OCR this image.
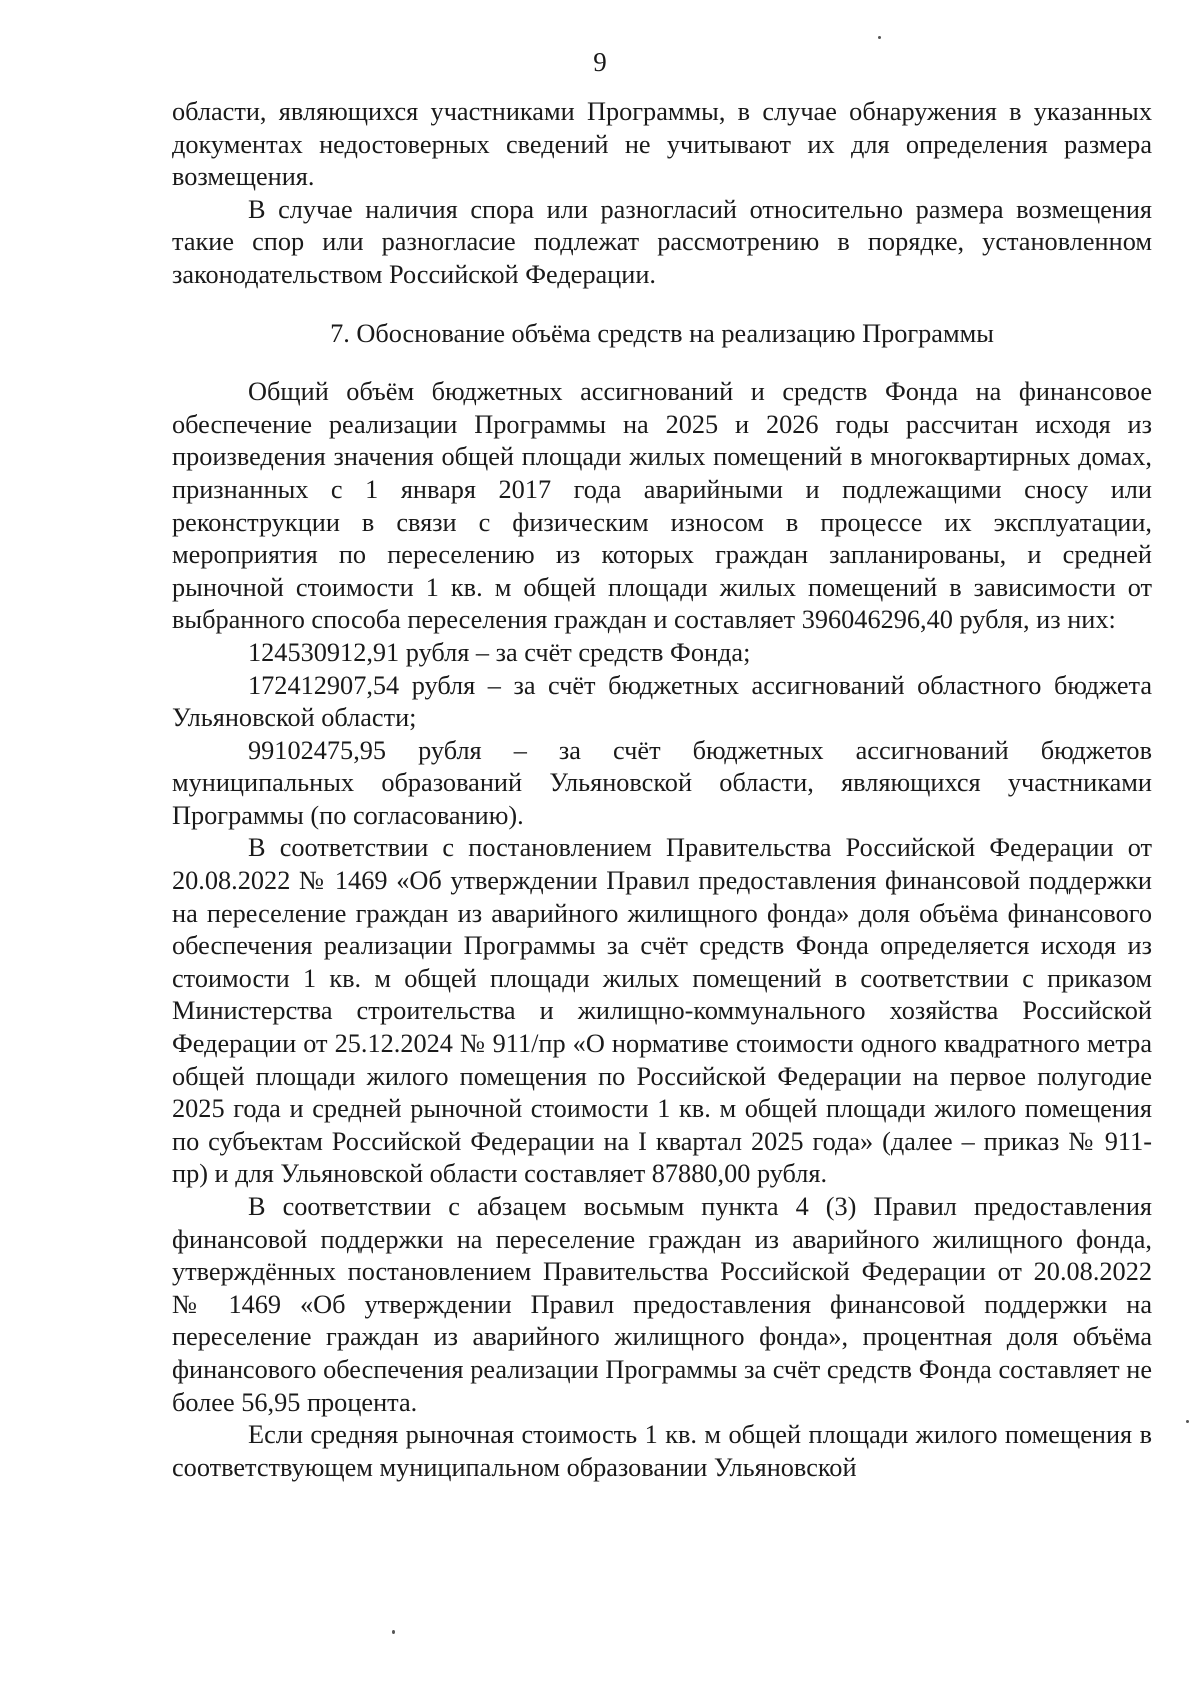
9

области, являющихся участниками Программы, в случае обнаружения в указанных документах недостоверных сведений не учитывают их для определения размера возмещения.

В случае наличия спора или разногласий относительно размера возмещения такие спор или разногласие подлежат рассмотрению в порядке, установленном законодательством Российской Федерации.

7. Обоснование объёма средств на реализацию Программы

Общий объём бюджетных ассигнований и средств Фонда на финансовое обеспечение реализации Программы на 2025 и 2026 годы рассчитан исходя из произведения значения общей площади жилых помещений в многоквартирных домах, признанных с 1 января 2017 года аварийными и подлежащими сносу или реконструкции в связи с физическим износом в процессе их эксплуатации, мероприятия по переселению из которых граждан запланированы, и средней рыночной стоимости 1 кв. м общей площади жилых помещений в зависимости от выбранного способа переселения граждан и составляет 396046296,40 рубля, из них:

124530912,91 рубля – за счёт средств Фонда;

172412907,54 рубля – за счёт бюджетных ассигнований областного бюджета Ульяновской области;

99102475,95 рубля – за счёт бюджетных ассигнований бюджетов муниципальных образований Ульяновской области, являющихся участниками Программы (по согласованию).

В соответствии с постановлением Правительства Российской Федерации от 20.08.2022 № 1469 «Об утверждении Правил предоставления финансовой поддержки на переселение граждан из аварийного жилищного фонда» доля объёма финансового обеспечения реализации Программы за счёт средств Фонда определяется исходя из стоимости 1 кв. м общей площади жилых помещений в соответствии с приказом Министерства строительства и жилищно-коммунального хозяйства Российской Федерации от 25.12.2024 № 911/пр «О нормативе стоимости одного квадратного метра общей площади жилого помещения по Российской Федерации на первое полугодие 2025 года и средней рыночной стоимости 1 кв. м общей площади жилого помещения по субъектам Российской Федерации на I квартал 2025 года» (далее – приказ № 911-пр) и для Ульяновской области составляет 87880,00 рубля.

В соответствии с абзацем восьмым пункта 4 (3) Правил предоставления финансовой поддержки на переселение граждан из аварийного жилищного фонда, утверждённых постановлением Правительства Российской Федерации от 20.08.2022 № 1469 «Об утверждении Правил предоставления финансовой поддержки на переселение граждан из аварийного жилищного фонда», процентная доля объёма финансового обеспечения реализации Программы за счёт средств Фонда составляет не более 56,95 процента.

Если средняя рыночная стоимость 1 кв. м общей площади жилого помещения в соответствующем муниципальном образовании Ульяновской
